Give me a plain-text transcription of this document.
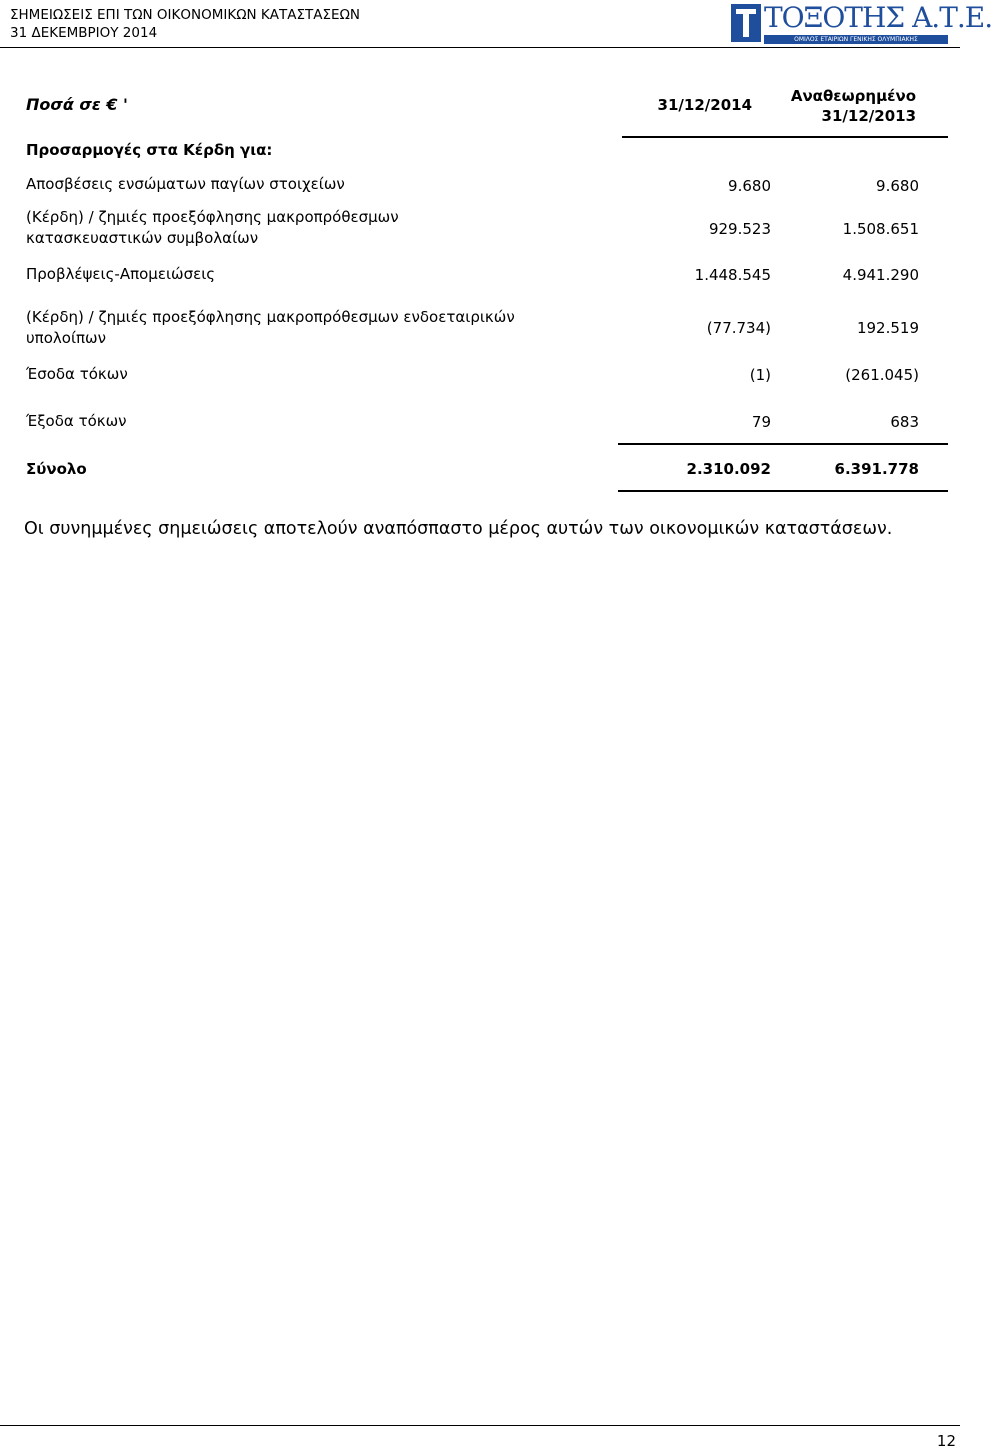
ΣΗΜΕΙΩΣΕΙΣ ΕΠΙ ΤΩΝ ΟΙΚΟΝΟΜΙΚΩΝ ΚΑΤΑΣΤΑΣΕΩΝ
31 ΔΕΚΕΜΒΡΙΟΥ 2014	ΤΟΞΟΤΗΣ Α.Τ.Ε.
ΟΜΙΛΟΣ ΕΤΑΙΡΙΩΝ ΓΕΝΙΚΗΣ ΟΛΥΜΠΙΑΚΗΣ
Ποσά σε € '	31/12/2014	Αναθεωρημένο
31/12/2013
Προσαρμογές στα Κέρδη για:
Αποσβέσεις ενσώματων παγίων στοιχείων	9.680	9.680
(Κέρδη) / ζημιές προεξόφλησης μακροπρόθεσμων
κατασκευαστικών συμβολαίων	929.523	1.508.651
Προβλέψεις-Απομειώσεις	1.448.545	4.941.290
(Κέρδη) / ζημιές προεξόφλησης μακροπρόθεσμων ενδοεταιρικών
υπολοίπων
(77.734)	192.519
Έσοδα τόκων	(1)	(261.045)
Έξοδα τόκων	79	683
Σύνολο	2.310.092	6.391.778
Οι συνημμένες σημειώσεις αποτελούν αναπόσπαστο μέρος αυτών των οικονομικών καταστάσεων.
12
